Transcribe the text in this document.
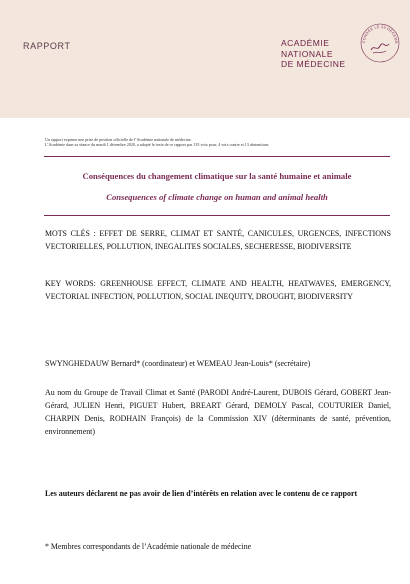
RAPPORT	ACADÉMIE
NATIONALE
DE MÉDECINE
FONDÉE LE 20 DÉCEMB
Un rapport exprime une prise de position officielle de l’Académie nationale de médecine.
L’Académie dans sa séance du mardi 1 décembre 2020, a adopté le texte de ce rapport par 135 voix pour, 4 voix contre et 13 abstentions.
Conséquences du changement climatique sur la santé humaine et animale
Consequences of climate change on human and animal health
MOTS CLÉS : EFFET DE SERRE, CLIMAT ET SANTÉ, CANICULES, URGENCES, INFECTIONS VECTORIELLES, POLLUTION, INEGALITES SOCIALES, SECHERESSE, BIODIVERSITE
KEY WORDS: GREENHOUSE EFFECT, CLIMATE AND HEALTH, HEATWAVES, EMERGENCY, VECTORIAL INFECTION, POLLUTION, SOCIAL INEQUITY, DROUGHT, BIODIVERSITY
SWYNGHEDAUW Bernard* (coordinateur) et WEMEAU Jean-Louis* (secrétaire)
Au nom du Groupe de Travail Climat et Santé (PARODI André-Laurent, DUBOIS Gérard, GOBERT Jean-Gérard, JULIEN Henri, PIGUET Hubert, BREART Gérard, DEMOLY Pascal, COUTURIER Daniel, CHARPIN Denis, RODHAIN François) de la Commission XIV (déterminants de santé, prévention, environnement)
Les auteurs déclarent ne pas avoir de lien d’intérêts en relation avec le contenu de ce rapport
* Membres correspondants de l’Académie nationale de médecine
